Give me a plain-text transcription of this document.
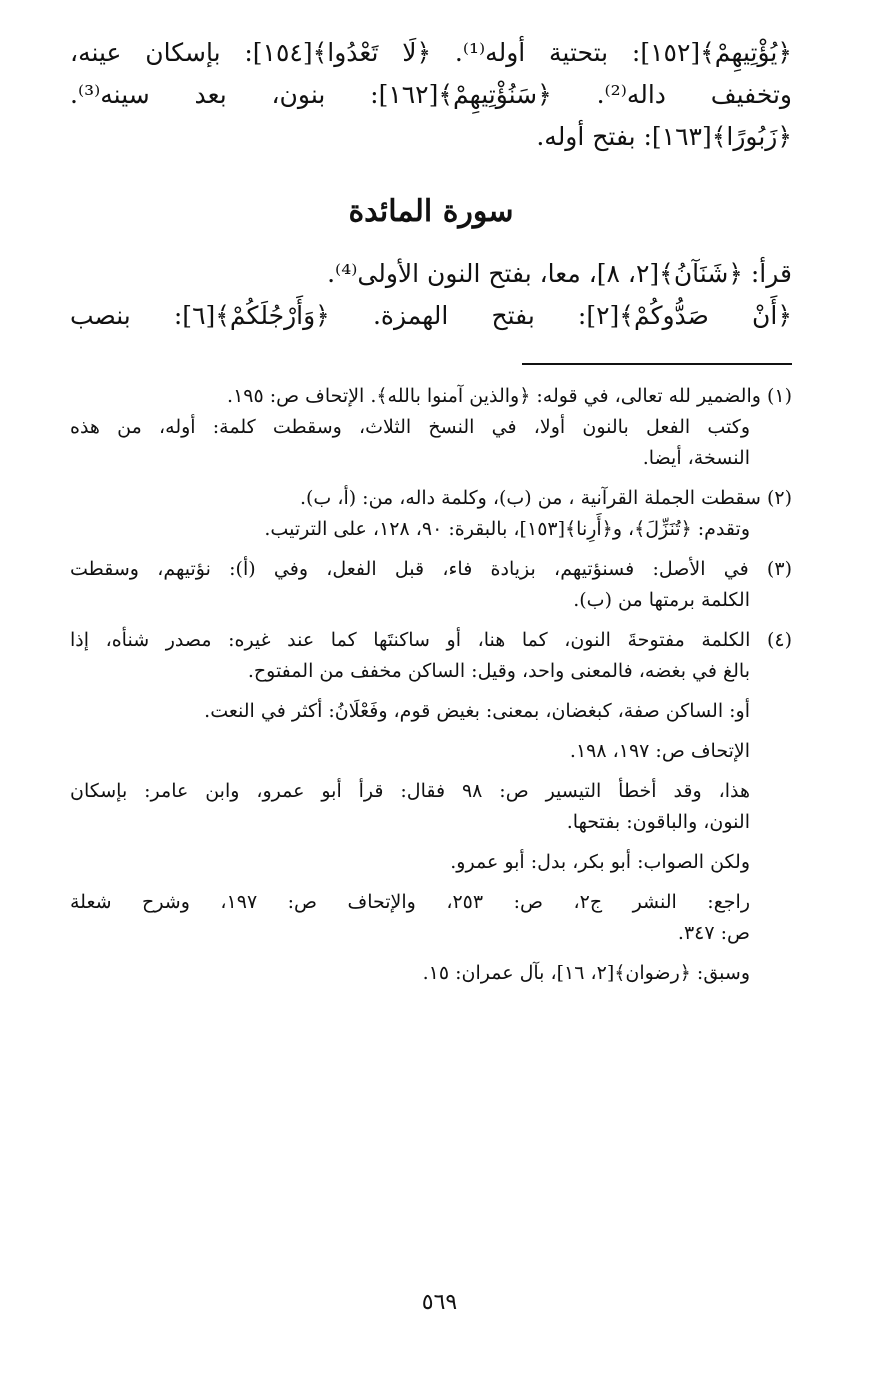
﴿يُؤْتِيهِمْ﴾[١٥٢]: بتحتية أوله⁽¹⁾. ﴿لَا تَعْدُوا﴾[١٥٤]: بإسكان عينه،
وتخفيف داله⁽²⁾. ﴿سَنُؤْتِيهِمْ﴾[١٦٢]: بنون، بعد سينه⁽³⁾.
﴿زَبُورًا﴾[١٦٣]: بفتح أوله.
سورة المائدة
قرأ: ﴿شَنَآنُ﴾[٢، ٨]، معا، بفتح النون الأولى⁽⁴⁾.
﴿أَنْ صَدُّوكُمْ﴾[٢]: بفتح الهمزة. ﴿وَأَرْجُلَكُمْ﴾[٦]: بنصب
(١) والضمير لله تعالى، في قوله: ﴿والذين آمنوا بالله﴾. الإتحاف ص: ١٩٥.
وكتب الفعل بالنون أولا، في النسخ الثلاث، وسقطت كلمة: أوله، من هذه
النسخة، أيضا.
(٢) سقطت الجملة القرآنية ، من (ب)، وكلمة داله، من: (أ، ب).
وتقدم: ﴿تُنَزِّلَ﴾، و﴿أَرِنا﴾[١٥٣]، بالبقرة: ٩٠، ١٢٨، على الترتيب.
(٣) في الأصل: فسنؤتيهم، بزيادة فاء، قبل الفعل، وفي (أ): نؤتيهم، وسقطت
الكلمة برمتها من (ب).
(٤) الكلمة مفتوحةَ النون، كما هنا، أو ساكنتَها كما عند غيره: مصدر شنأه، إذا
بالغ في بغضه، فالمعنى واحد، وقيل: الساكن مخفف من المفتوح.
أو: الساكن صفة، كبغضان، بمعنى: بغيض قوم، وفَعْلَانُ: أكثر في النعت.
الإتحاف ص: ١٩٧، ١٩٨.
هذا، وقد أخطأ التيسير ص: ٩٨ فقال: قرأ أبو عمرو، وابن عامر: بإسكان
النون، والباقون: بفتحها.
ولكن الصواب: أبو بكر، بدل: أبو عمرو.
راجع: النشر ج٢، ص: ٢٥٣، والإتحاف ص: ١٩٧، وشرح شعلة
ص: ٣٤٧.
وسبق: ﴿رضوان﴾[٢، ١٦]، بآل عمران: ١٥.
٥٦٩
